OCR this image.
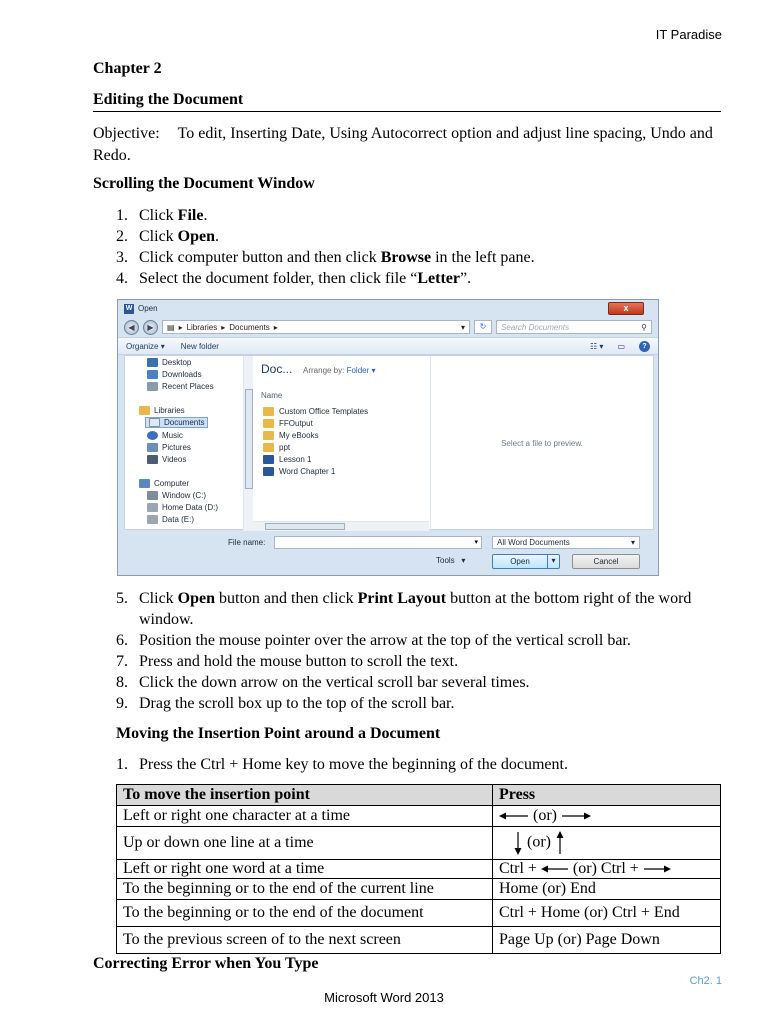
IT Paradise
Chapter 2
Editing the Document
Objective: To edit, Inserting Date, Using Autocorrect option and adjust line spacing, Undo and Redo.
Scrolling the Document Window
1. Click File.
2. Click Open.
3. Click computer button and then click Browse in the left pane.
4. Select the document folder, then click file “Letter”.
W Open	x
◀	▶	▤ ▸ Libraries ▸ Documents ▸	▾	↻	Search Documents	⚲
Organize ▾ New folder	☷ ▾ ▭	?
Desktop
Downloads
Recent Places
Libraries
Documents
Music
Pictures
Videos
Computer
Window (C:)
Home Data (D:)
Data (E:)
Doc... Arrange by: Folder ▾
Name
Custom Office Templates
FFOutput
My eBooks
ppt
Lesson 1
Word Chapter 1
Select a file to preview.
File name:	▾	All Word Documents	▾
Tools   ▾	Open	▾	Cancel
5. Click Open button and then click Print Layout button at the bottom right of the word window.
6. Position the mouse pointer over the arrow at the top of the vertical scroll bar.
7. Press and hold the mouse button to scroll the text.
8. Click the down arrow on the vertical scroll bar several times.
9. Drag the scroll box up to the top of the scroll bar.
Moving the Insertion Point around a Document
1. Press the Ctrl + Home key to move the beginning of the document.
To move the insertion point	Press
Left or right one character at a time	(or)
Up or down one line at a time	(or)
Left or right one word at a time	Ctrl + (or) Ctrl +
To the beginning or to the end of the current line	Home (or) End
To the beginning or to the end of the document	Ctrl + Home (or) Ctrl + End
To the previous screen of to the next screen	Page Up (or) Page Down
Correcting Error when You Type
Ch2. 1
Microsoft Word 2013
